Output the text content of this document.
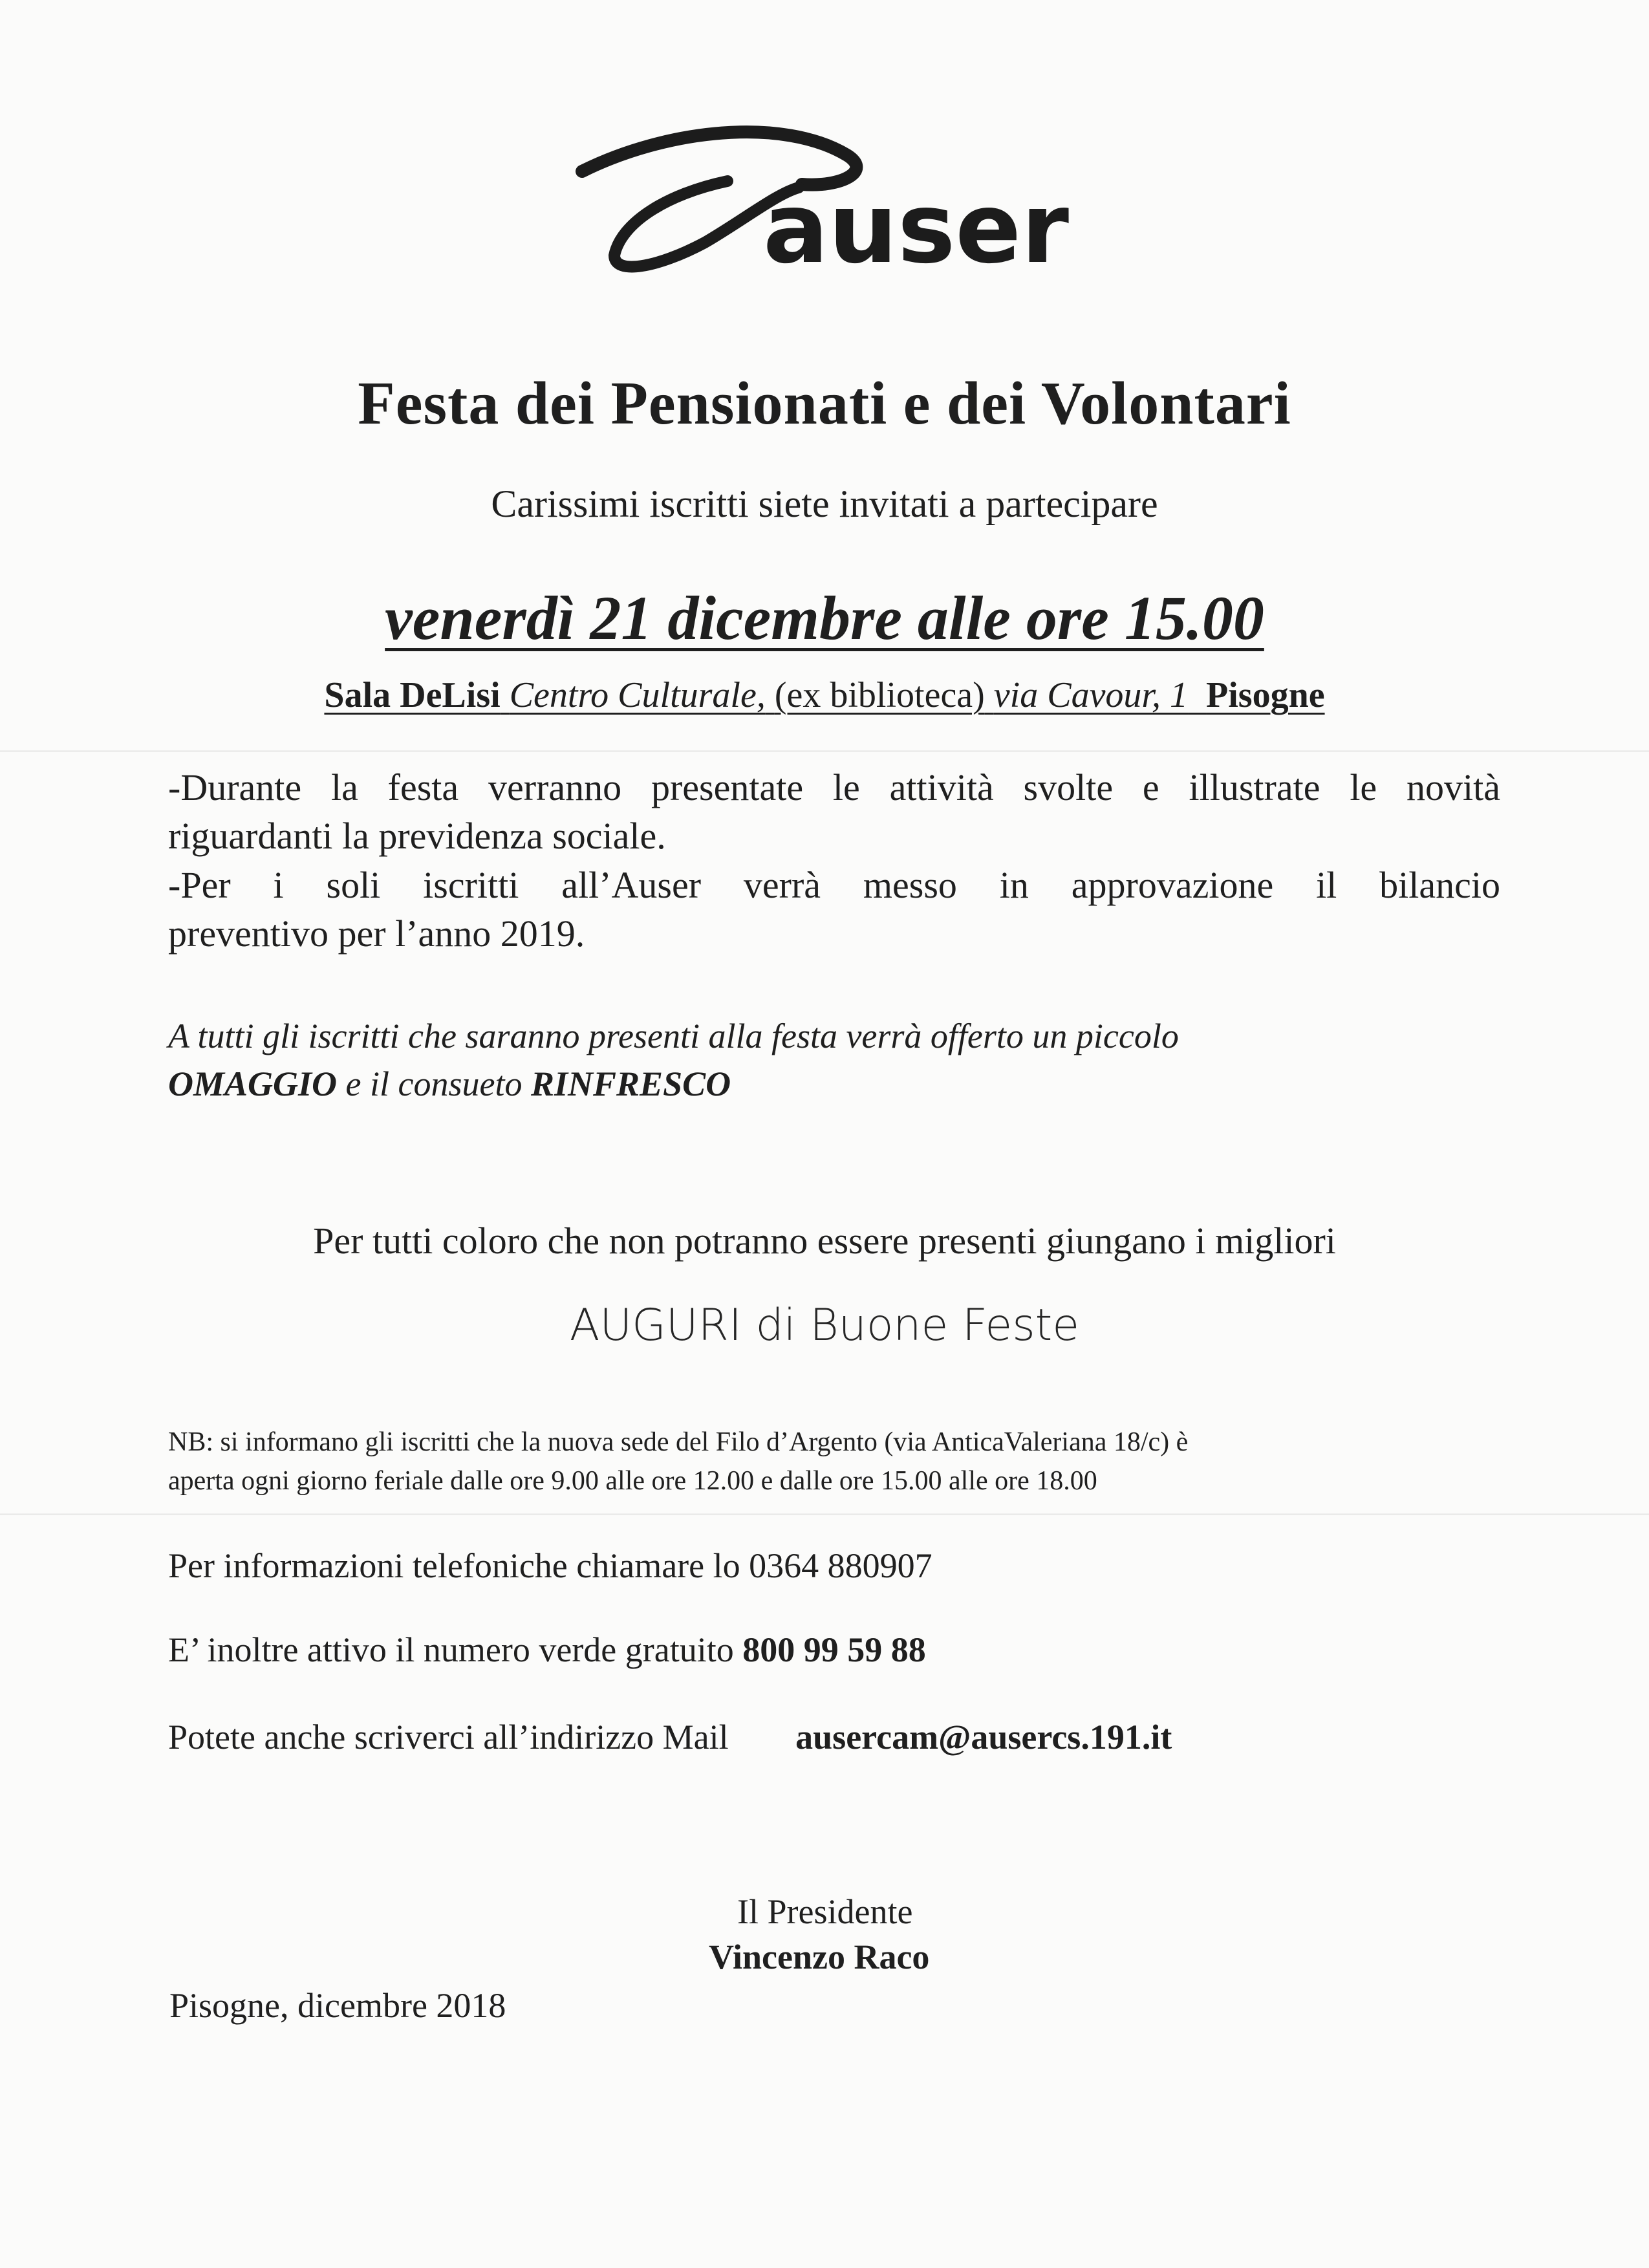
auser
Festa dei Pensionati e dei Volontari
Carissimi iscritti siete invitati a partecipare
venerdì 21 dicembre alle ore 15.00
Sala DeLisi Centro Culturale, (ex biblioteca) via Cavour, 1 Pisogne
-Durante la festa verranno presentate le attività svolte e illustrate le novità
riguardanti la previdenza sociale.
-Per i soli iscritti all’Auser verrà messo in approvazione il bilancio
preventivo per l’anno 2019.
A tutti gli iscritti che saranno presenti alla festa verrà offerto un piccolo
OMAGGIO e il consueto RINFRESCO
Per tutti coloro che non potranno essere presenti giungano i migliori
AUGURI di Buone Feste
NB: si informano gli iscritti che la nuova sede del Filo d’Argento (via AnticaValeriana 18/c) è
aperta ogni giorno feriale dalle ore 9.00 alle ore 12.00 e dalle ore 15.00 alle ore 18.00
Per informazioni telefoniche chiamare lo 0364 880907
E’ inoltre attivo il numero verde gratuito 800 99 59 88
Potete anche scriverci all’indirizzo Mail ausercam@ausercs.191.it
Il Presidente
Vincenzo Raco
Pisogne, dicembre 2018
